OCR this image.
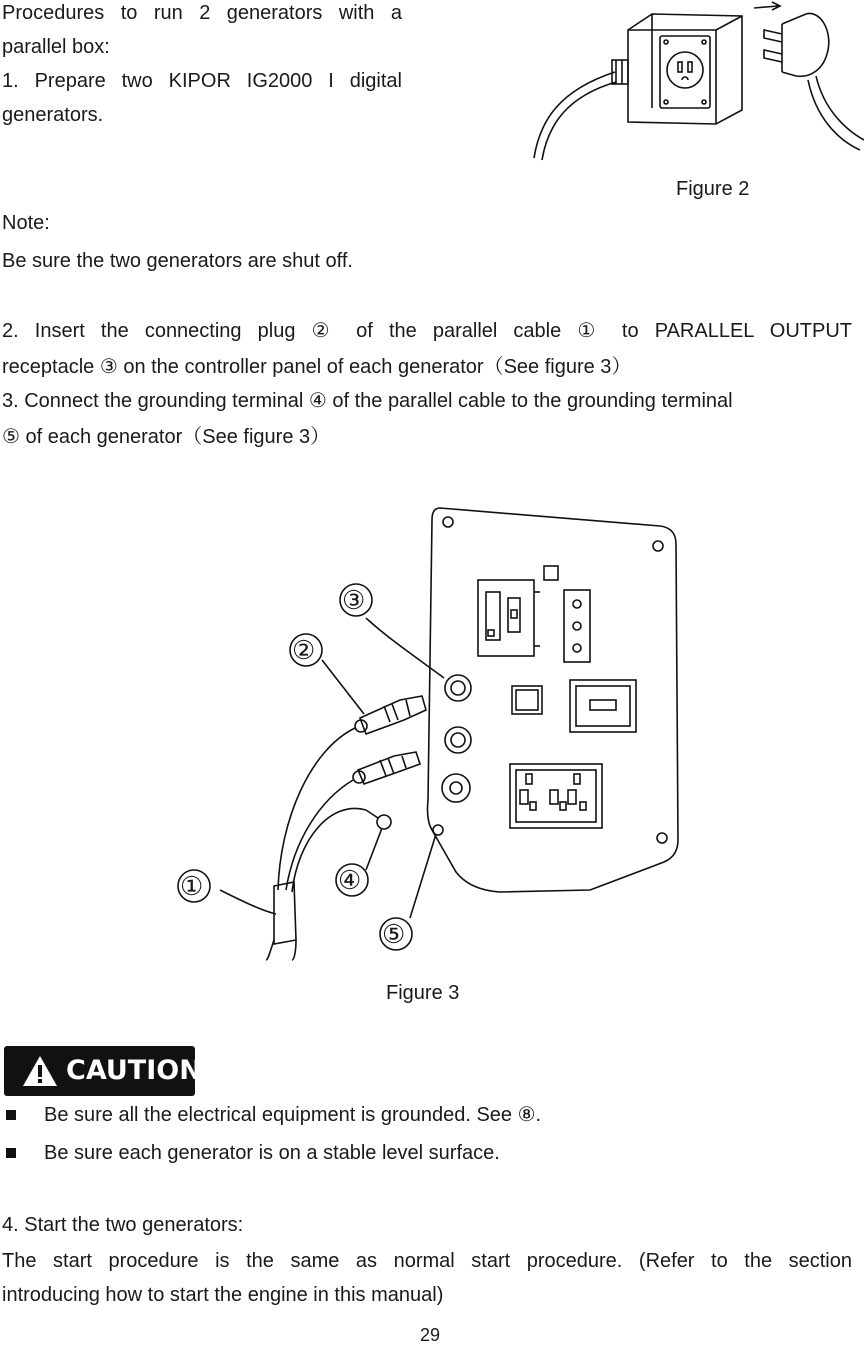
Procedures to run 2 generators with a
parallel box:
1. Prepare two KIPOR IG2000 I digital
generators.
Figure 2
Note:
Be sure the two generators are shut off.
2. Insert the connecting plug ② of the parallel cable ① to PARALLEL OUTPUT
receptacle ③ on the controller panel of each generator（See figure 3）
3. Connect the grounding terminal ④ of the parallel cable to the grounding terminal
⑤ of each generator（See figure 3）
①
②
③
④
⑤
Figure 3
CAUTION
Be sure all the electrical equipment is grounded. See ⑧.
Be sure each generator is on a stable level surface.
4. Start the two generators:
The start procedure is the same as normal start procedure. (Refer to the section
introducing how to start the engine in this manual)
29
